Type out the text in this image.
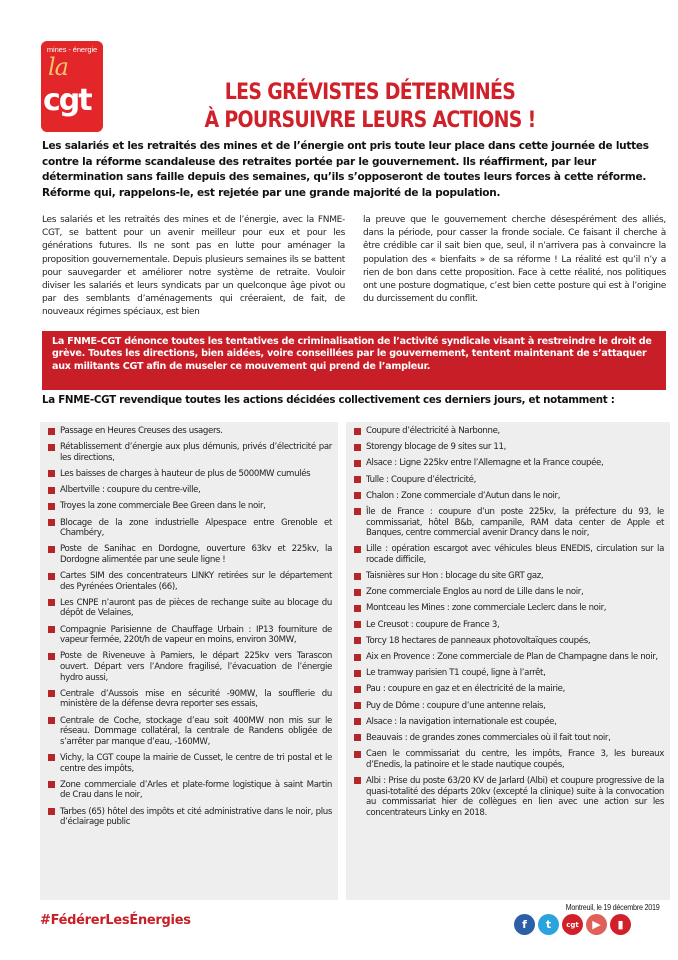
mines - énergie
la
cgt	LES GRÉVISTES DÉTERMINÉS
À POURSUIVRE LEURS ACTIONS !

Les salariés et les retraités des mines et de l’énergie ont pris toute leur place dans cette journée de luttes contre la réforme scandaleuse des retraites portée par le gouvernement. Ils réaffirment, par leur détermination sans faille depuis des semaines, qu’ils s’opposeront de toutes leurs forces à cette réforme. Réforme qui, rappelons-le, est rejetée par une grande majorité de la population.

Les salariés et les retraités des mines et de l’énergie, avec la FNME-CGT, se battent pour un avenir meilleur pour eux et pour les générations futures. Ils ne sont pas en lutte pour aménager la proposition gouvernementale. Depuis plusieurs semaines ils se battent pour sauvegarder et améliorer notre système de retraite. Vouloir diviser les salariés et leurs syndicats par un quelconque âge pivot ou par des semblants d’aménagements qui créeraient, de fait, de nouveaux régimes spéciaux, est bien

la preuve que le gouvernement cherche désespérément des alliés, dans la période, pour casser la fronde sociale. Ce faisant il cherche à être crédible car il sait bien que, seul, il n’arrivera pas à convaincre la population des « bienfaits » de sa réforme ! La réalité est qu’il n’y a rien de bon dans cette proposition. Face à cette réalité, nos politiques ont une posture dogmatique, c’est bien cette posture qui est à l’origine du durcissement du conflit.

La FNME-CGT dénonce toutes les tentatives de criminalisation de l’activité syndicale visant à restreindre le droit de grève. Toutes les directions, bien aidées, voire conseillées par le gouvernement, tentent maintenant de s’attaquer aux militants CGT afin de museler ce mouvement qui prend de l’ampleur.

La FNME-CGT revendique toutes les actions décidées collectivement ces derniers jours, et notamment :

Passage en Heures Creuses des usagers.
Rétablissement d’énergie aux plus démunis, privés d’électricité par les directions,
Les baisses de charges à hauteur de plus de 5000MW cumulés
Albertville : coupure du centre-ville,
Troyes la zone commerciale Bee Green dans le noir,
Blocage de la zone industrielle Alpespace entre Grenoble et Chambéry,
Poste de Sanihac en Dordogne, ouverture 63kv et 225kv, la Dordogne alimentée par une seule ligne !
Cartes SIM des concentrateurs LINKY retirées sur le département des Pyrénées Orientales (66),
Les CNPE n’auront pas de pièces de rechange suite au blocage du dépôt de Velaines,
Compagnie Parisienne de Chauffage Urbain : IP13 fourniture de vapeur fermée, 220t/h de vapeur en moins, environ 30MW,
Poste de Riveneuve à Pamiers, le départ 225kv vers Tarascon ouvert. Départ vers l’Andore fragilisé, l’évacuation de l’énergie hydro aussi,
Centrale d’Aussois mise en sécurité -90MW, la soufflerie du ministère de la défense devra reporter ses essais,
Centrale de Coche, stockage d’eau soit 400MW non mis sur le réseau. Dommage collatéral, la centrale de Randens obligée de s’arrêter par manque d’eau, -160MW,
Vichy, la CGT coupe la mairie de Cusset, le centre de tri postal et le centre des impôts,
Zone commerciale d’Arles et plate-forme logistique à saint Martin de Crau dans le noir,
Tarbes (65) hôtel des impôts et cité administrative dans le noir, plus d’éclairage public
Coupure d’électricité à Narbonne,
Storengy blocage de 9 sites sur 11,
Alsace : Ligne 225kv entre l’Allemagne et la France coupée,
Tulle : Coupure d’électricité,
Chalon : Zone commerciale d’Autun dans le noir,
Île de France : coupure d’un poste 225kv, la préfecture du 93, le commissariat, hôtel B&b, campanile, RAM data center de Apple et Banques, centre commercial avenir Drancy dans le noir,
Lille : opération escargot avec véhicules bleus ENEDIS, circulation sur la rocade difficile,
Taisnières sur Hon : blocage du site GRT gaz,
Zone commerciale Englos au nord de Lille dans le noir,
Montceau les Mines : zone commerciale Leclerc dans le noir,
Le Creusot : coupure de France 3,
Torcy 18 hectares de panneaux photovoltaïques coupés,
Aix en Provence : Zone commerciale de Plan de Champagne dans le noir,
Le tramway parisien T1 coupé, ligne à l’arrêt,
Pau : coupure en gaz et en électricité de la mairie,
Puy de Dôme : coupure d’une antenne relais,
Alsace : la navigation internationale est coupée,
Beauvais : de grandes zones commerciales où il fait tout noir,
Caen le commissariat du centre, les impôts, France 3, les bureaux d’Enedis, la patinoire et le stade nautique coupés,
Albi : Prise du poste 63/20 KV de Jarlard (Albi) et coupure progressive de la quasi-totalité des départs 20kv (excepté la clinique) suite à la convocation au commissariat hier de collègues en lien avec une action sur les concentrateurs Linky en 2018.
Montreuil, le 19 décembre 2019
#FédérerLesÉnergies	f	t	cgt	▶	▮
